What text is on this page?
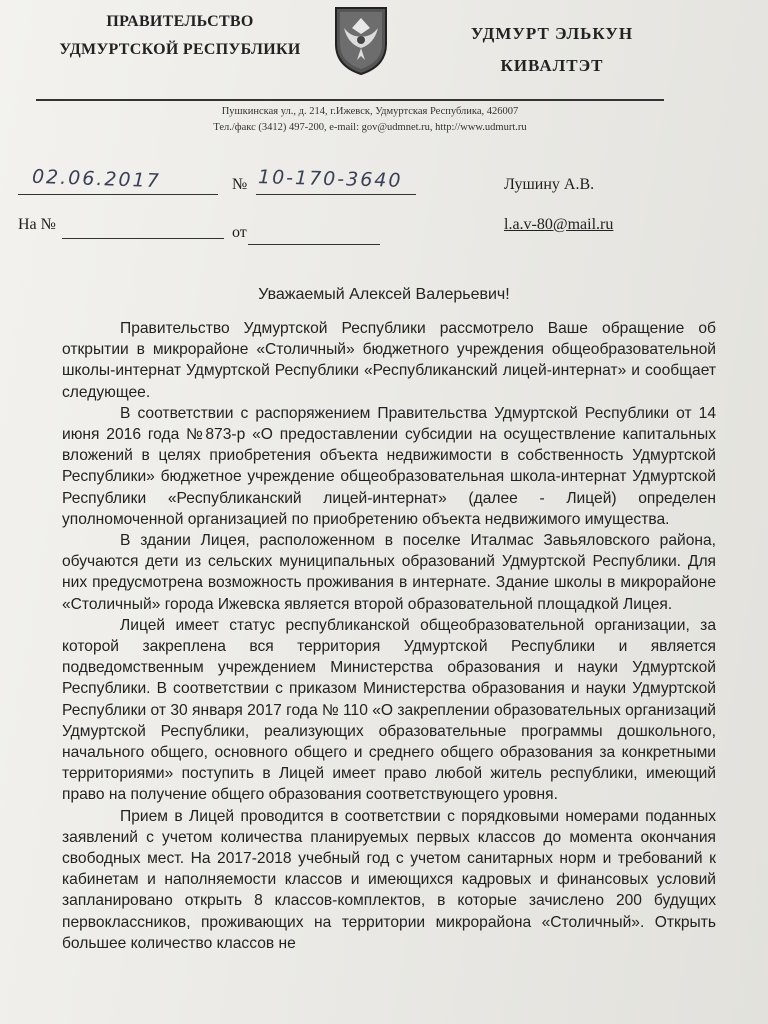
ПРАВИТЕЛЬСТВО
УДМУРТСКОЙ РЕСПУБЛИКИ
УДМУРТ ЭЛЬКУН
КИВАЛТЭТ
Пушкинская ул., д. 214, г.Ижевск, Удмуртская Республика, 426007
Тел./факс (3412) 497-200, e-mail: gov@udmnet.ru, http://www.udmurt.ru
02.06.2017	№ 10-170-3640	Лушину А.В.
l.a.v-80@mail.ru
На №	от
Уважаемый Алексей Валерьевич!

Правительство Удмуртской Республики рассмотрело Ваше обращение об открытии в микрорайоне «Столичный» бюджетного учреждения общеобразовательной школы-интернат Удмуртской Республики «Республиканский лицей-интернат» и сообщает следующее.

В соответствии с распоряжением Правительства Удмуртской Республики от 14 июня 2016 года №873-р «О предоставлении субсидии на осуществление капитальных вложений в целях приобретения объекта недвижимости в собственность Удмуртской Республики» бюджетное учреждение общеобразовательная школа-интернат Удмуртской Республики «Республиканский лицей-интернат» (далее - Лицей) определен уполномоченной организацией по приобретению объекта недвижимого имущества.

В здании Лицея, расположенном в поселке Италмас Завьяловского района, обучаются дети из сельских муниципальных образований Удмуртской Республики. Для них предусмотрена возможность проживания в интернате. Здание школы в микрорайоне «Столичный» города Ижевска является второй образовательной площадкой Лицея.

Лицей имеет статус республиканской общеобразовательной организации, за которой закреплена вся территория Удмуртской Республики и является подведомственным учреждением Министерства образования и науки Удмуртской Республики. В соответствии с приказом Министерства образования и науки Удмуртской Республики от 30 января 2017 года № 110 «О закреплении образовательных организаций Удмуртской Республики, реализующих образовательные программы дошкольного, начального общего, основного общего и среднего общего образования за конкретными территориями» поступить в Лицей имеет право любой житель республики, имеющий право на получение общего образования соответствующего уровня.

Прием в Лицей проводится в соответствии с порядковыми номерами поданных заявлений с учетом количества планируемых первых классов до момента окончания свободных мест. На 2017-2018 учебный год с учетом санитарных норм и требований к кабинетам и наполняемости классов и имеющихся кадровых и финансовых условий запланировано открыть 8 классов-комплектов, в которые зачислено 200 будущих первоклассников, проживающих на территории микрорайона «Столичный». Открыть большее количество классов не
